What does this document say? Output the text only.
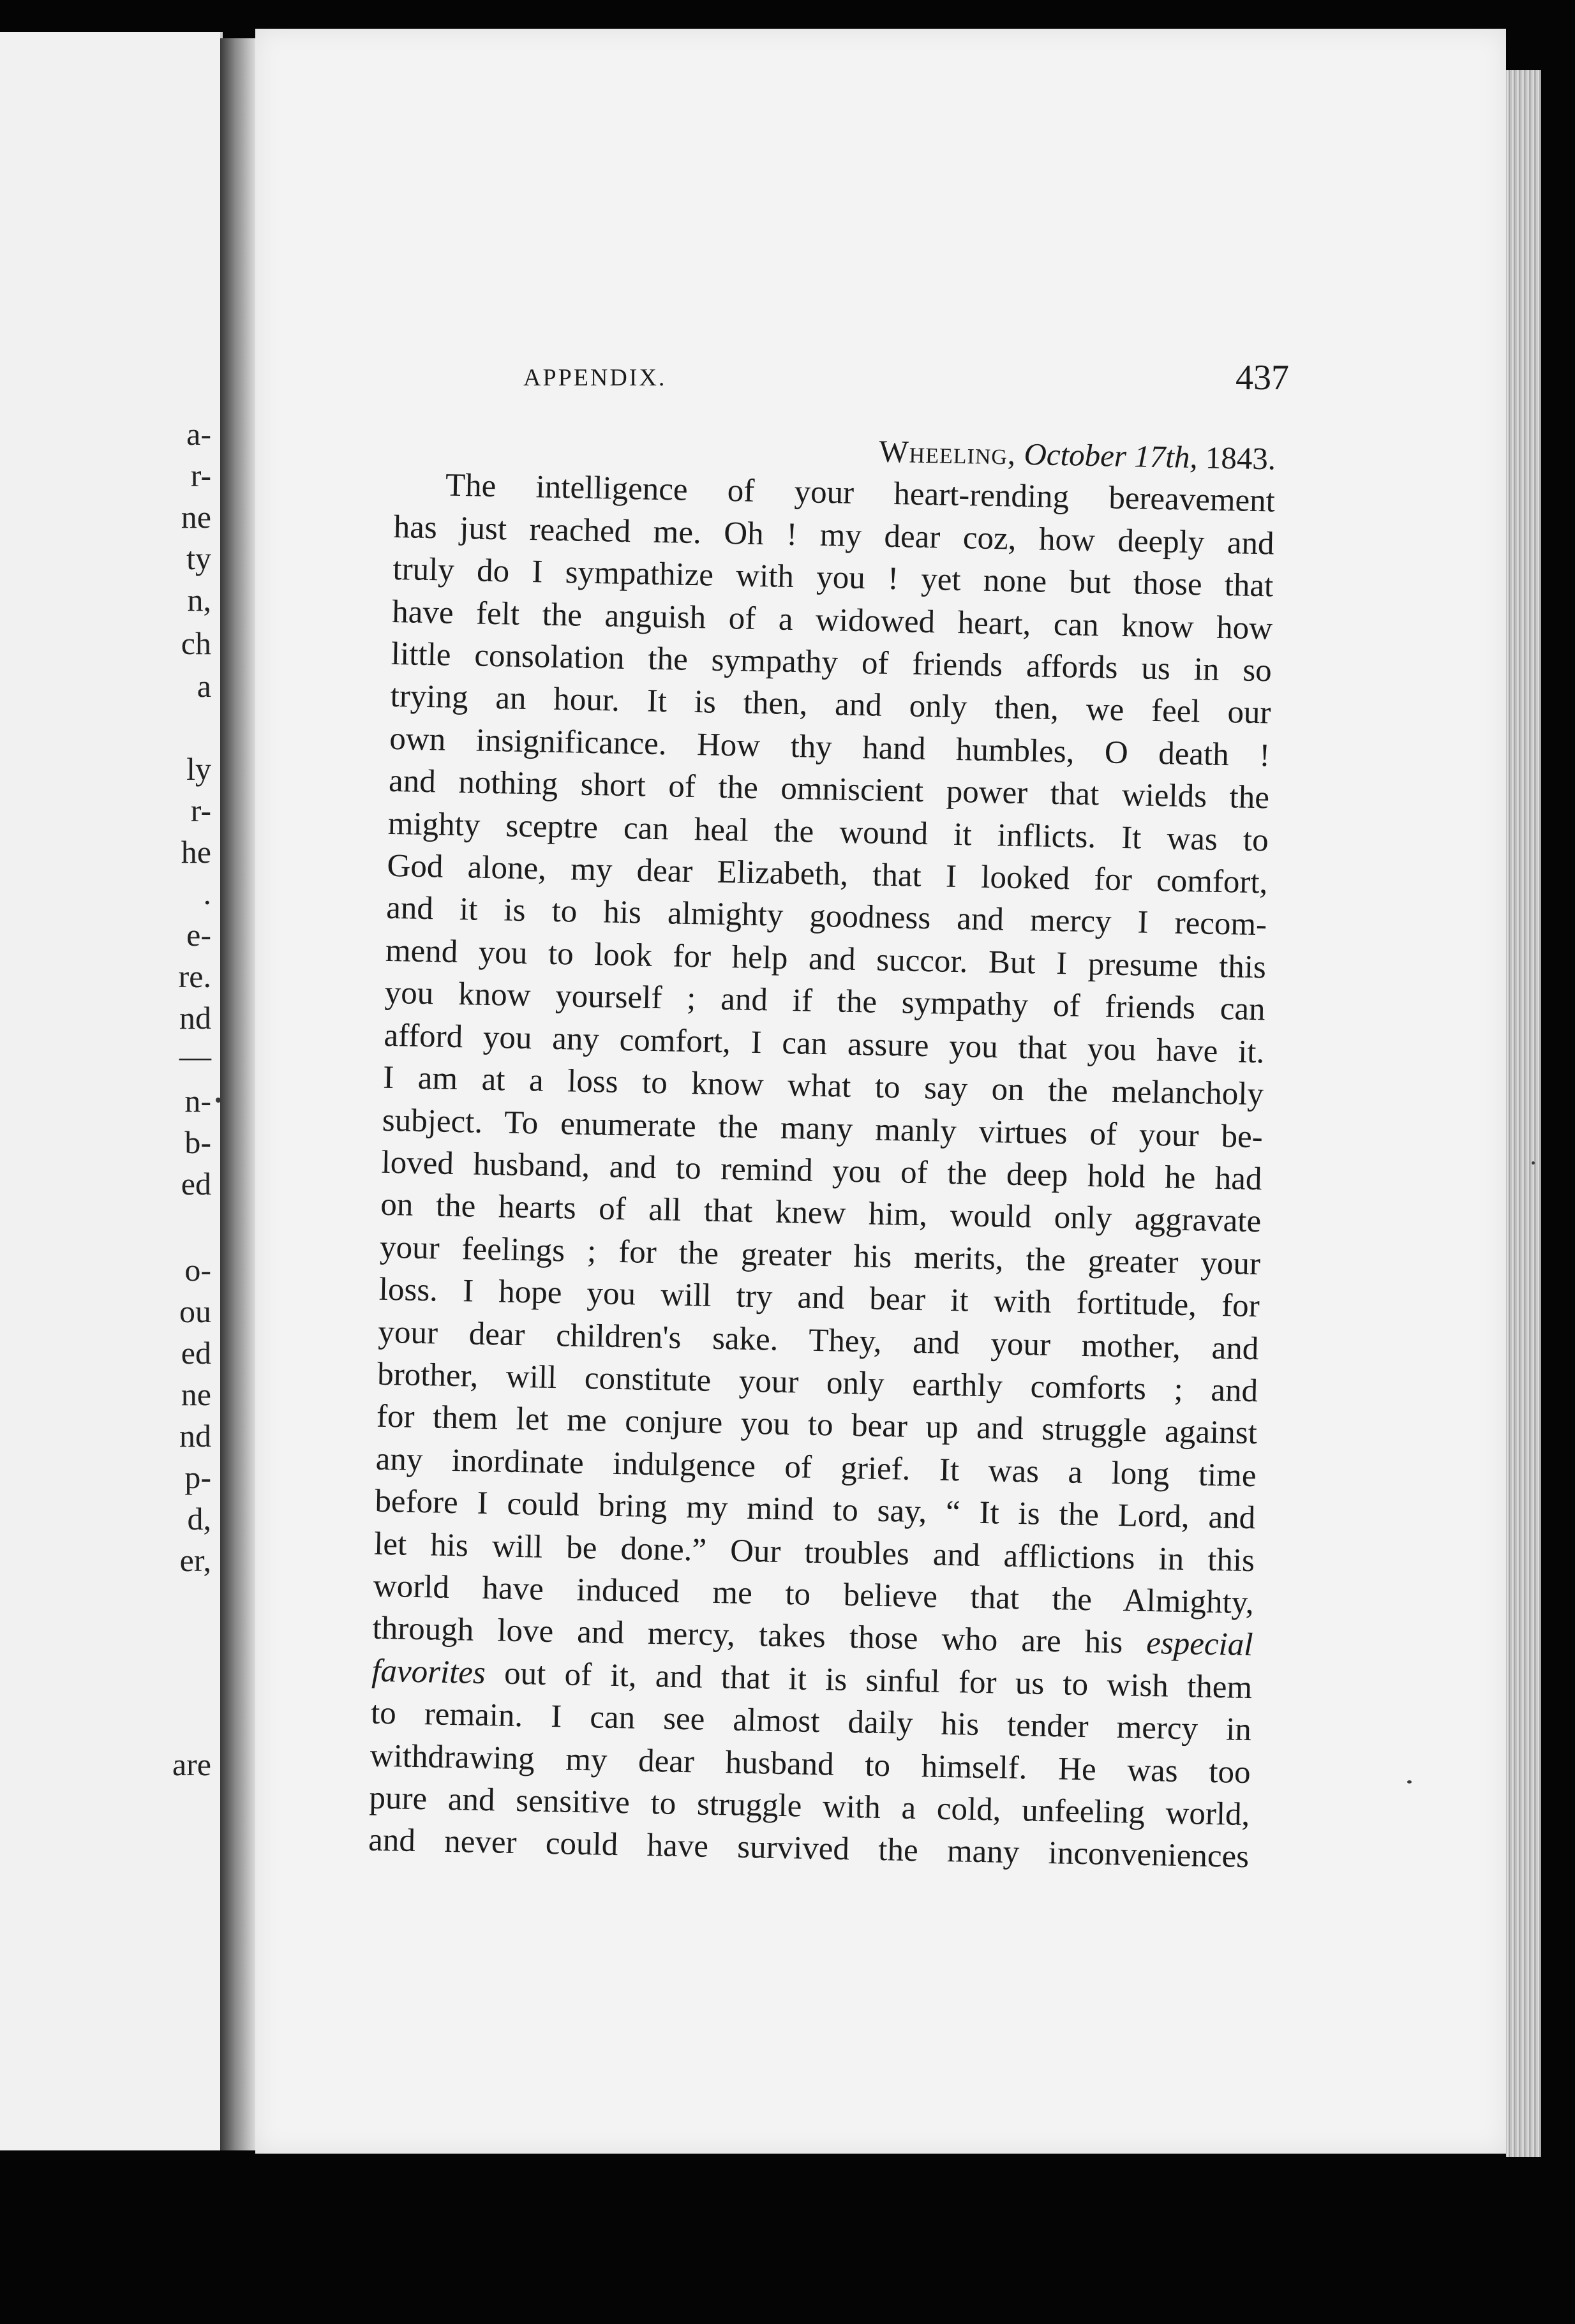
a-
r-
ne
ty
n,
ch
a
ly
r-
he
.
e-
re.
nd
—
n-
b-
ed
o-
ou
ed
ne
nd
p-
d,
er,
are
APPENDIX.	437
Wheeling, October 17th, 1843.
The intelligence of your heart-rending bereavement
has just reached me. Oh ! my dear coz, how deeply and
truly do I sympathize with you ! yet none but those that
have felt the anguish of a widowed heart, can know how
little consolation the sympathy of friends affords us in so
trying an hour. It is then, and only then, we feel our
own insignificance. How thy hand humbles, O death !
and nothing short of the omniscient power that wields the
mighty sceptre can heal the wound it inflicts. It was to
God alone, my dear Elizabeth, that I looked for comfort,
and it is to his almighty goodness and mercy I recom-
mend you to look for help and succor. But I presume this
you know yourself ; and if the sympathy of friends can
afford you any comfort, I can assure you that you have it.
I am at a loss to know what to say on the melancholy
subject. To enumerate the many manly virtues of your be-
loved husband, and to remind you of the deep hold he had
on the hearts of all that knew him, would only aggravate
your feelings ; for the greater his merits, the greater your
loss. I hope you will try and bear it with fortitude, for
your dear children's sake. They, and your mother, and
brother, will constitute your only earthly comforts ; and
for them let me conjure you to bear up and struggle against
any inordinate indulgence of grief. It was a long time
before I could bring my mind to say, “ It is the Lord, and
let his will be done.” Our troubles and afflictions in this
world have induced me to believe that the Almighty,
through love and mercy, takes those who are his especial
favorites out of it, and that it is sinful for us to wish them
to remain. I can see almost daily his tender mercy in
withdrawing my dear husband to himself. He was too
pure and sensitive to struggle with a cold, unfeeling world,
and never could have survived the many inconveniences
